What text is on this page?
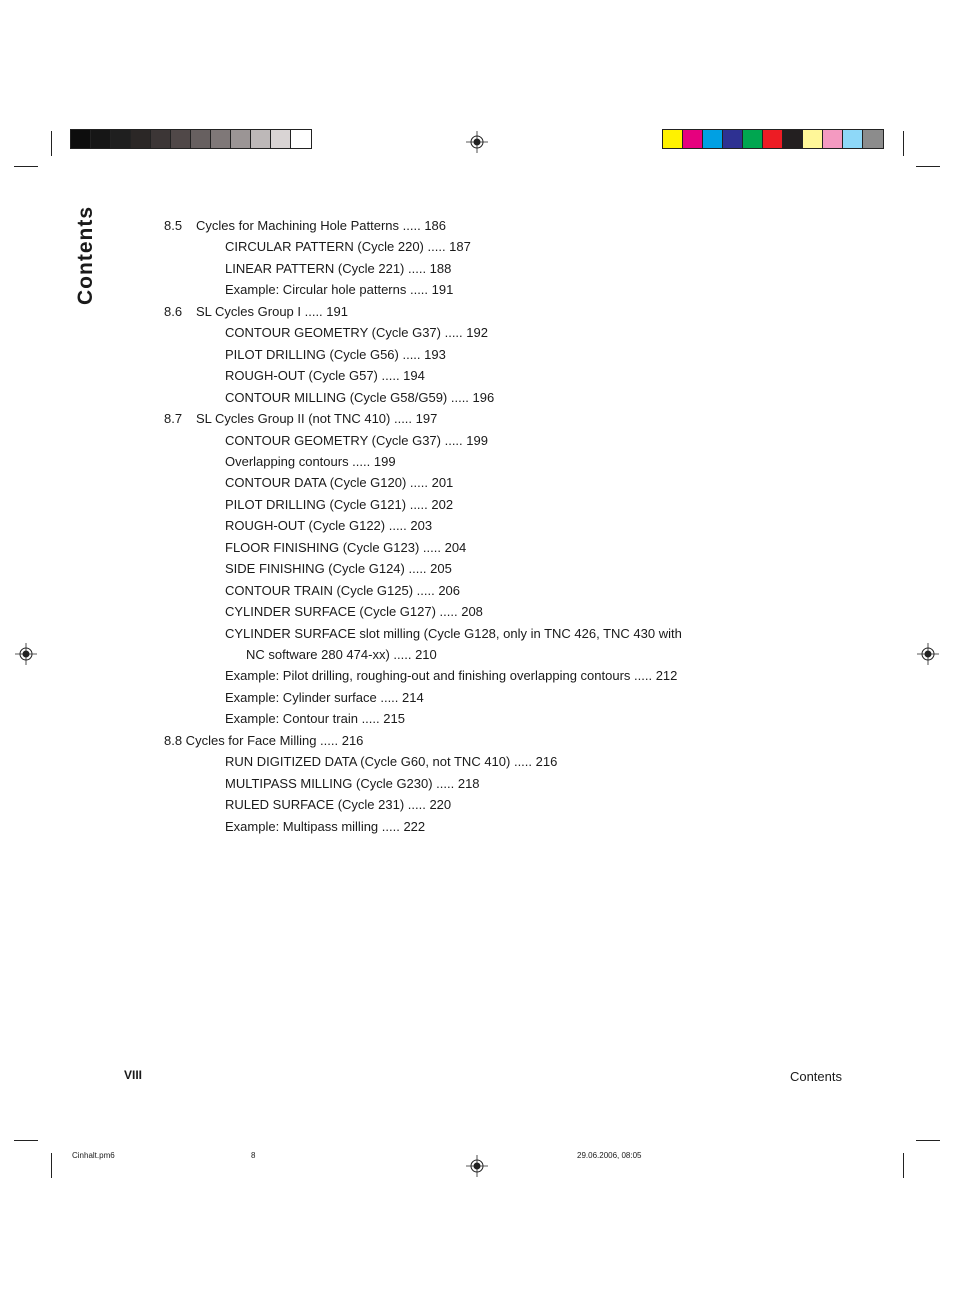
Contents	8.5 Cycles for Machining Hole Patterns ..... 186
CIRCULAR PATTERN (Cycle 220) ..... 187
LINEAR PATTERN (Cycle 221) ..... 188
Example: Circular hole patterns ..... 191
8.6 SL Cycles Group I ..... 191
CONTOUR GEOMETRY (Cycle G37) ..... 192
PILOT DRILLING (Cycle G56) ..... 193
ROUGH-OUT (Cycle G57) ..... 194
CONTOUR MILLING (Cycle G58/G59) ..... 196
8.7 SL Cycles Group II (not TNC 410) ..... 197
CONTOUR GEOMETRY (Cycle G37) ..... 199
Overlapping contours ..... 199
CONTOUR DATA (Cycle G120) ..... 201
PILOT DRILLING (Cycle G121) ..... 202
ROUGH-OUT (Cycle G122) ..... 203
FLOOR FINISHING (Cycle G123) ..... 204
SIDE FINISHING (Cycle G124) ..... 205
CONTOUR TRAIN (Cycle G125) ..... 206
CYLINDER SURFACE (Cycle G127) ..... 208
CYLINDER SURFACE slot milling (Cycle G128, only in TNC 426, TNC 430 with
NC software 280 474-xx) ..... 210
Example: Pilot drilling, roughing-out and finishing overlapping contours ..... 212
Example: Cylinder surface ..... 214
Example: Contour train ..... 215
8.8 Cycles for Face Milling ..... 216
RUN DIGITIZED DATA (Cycle G60, not TNC 410) ..... 216
MULTIPASS MILLING (Cycle G230) ..... 218
RULED SURFACE (Cycle 231) ..... 220
Example: Multipass milling ..... 222
VIII	Contents
Cinhalt.pm6	8	29.06.2006, 08:05
